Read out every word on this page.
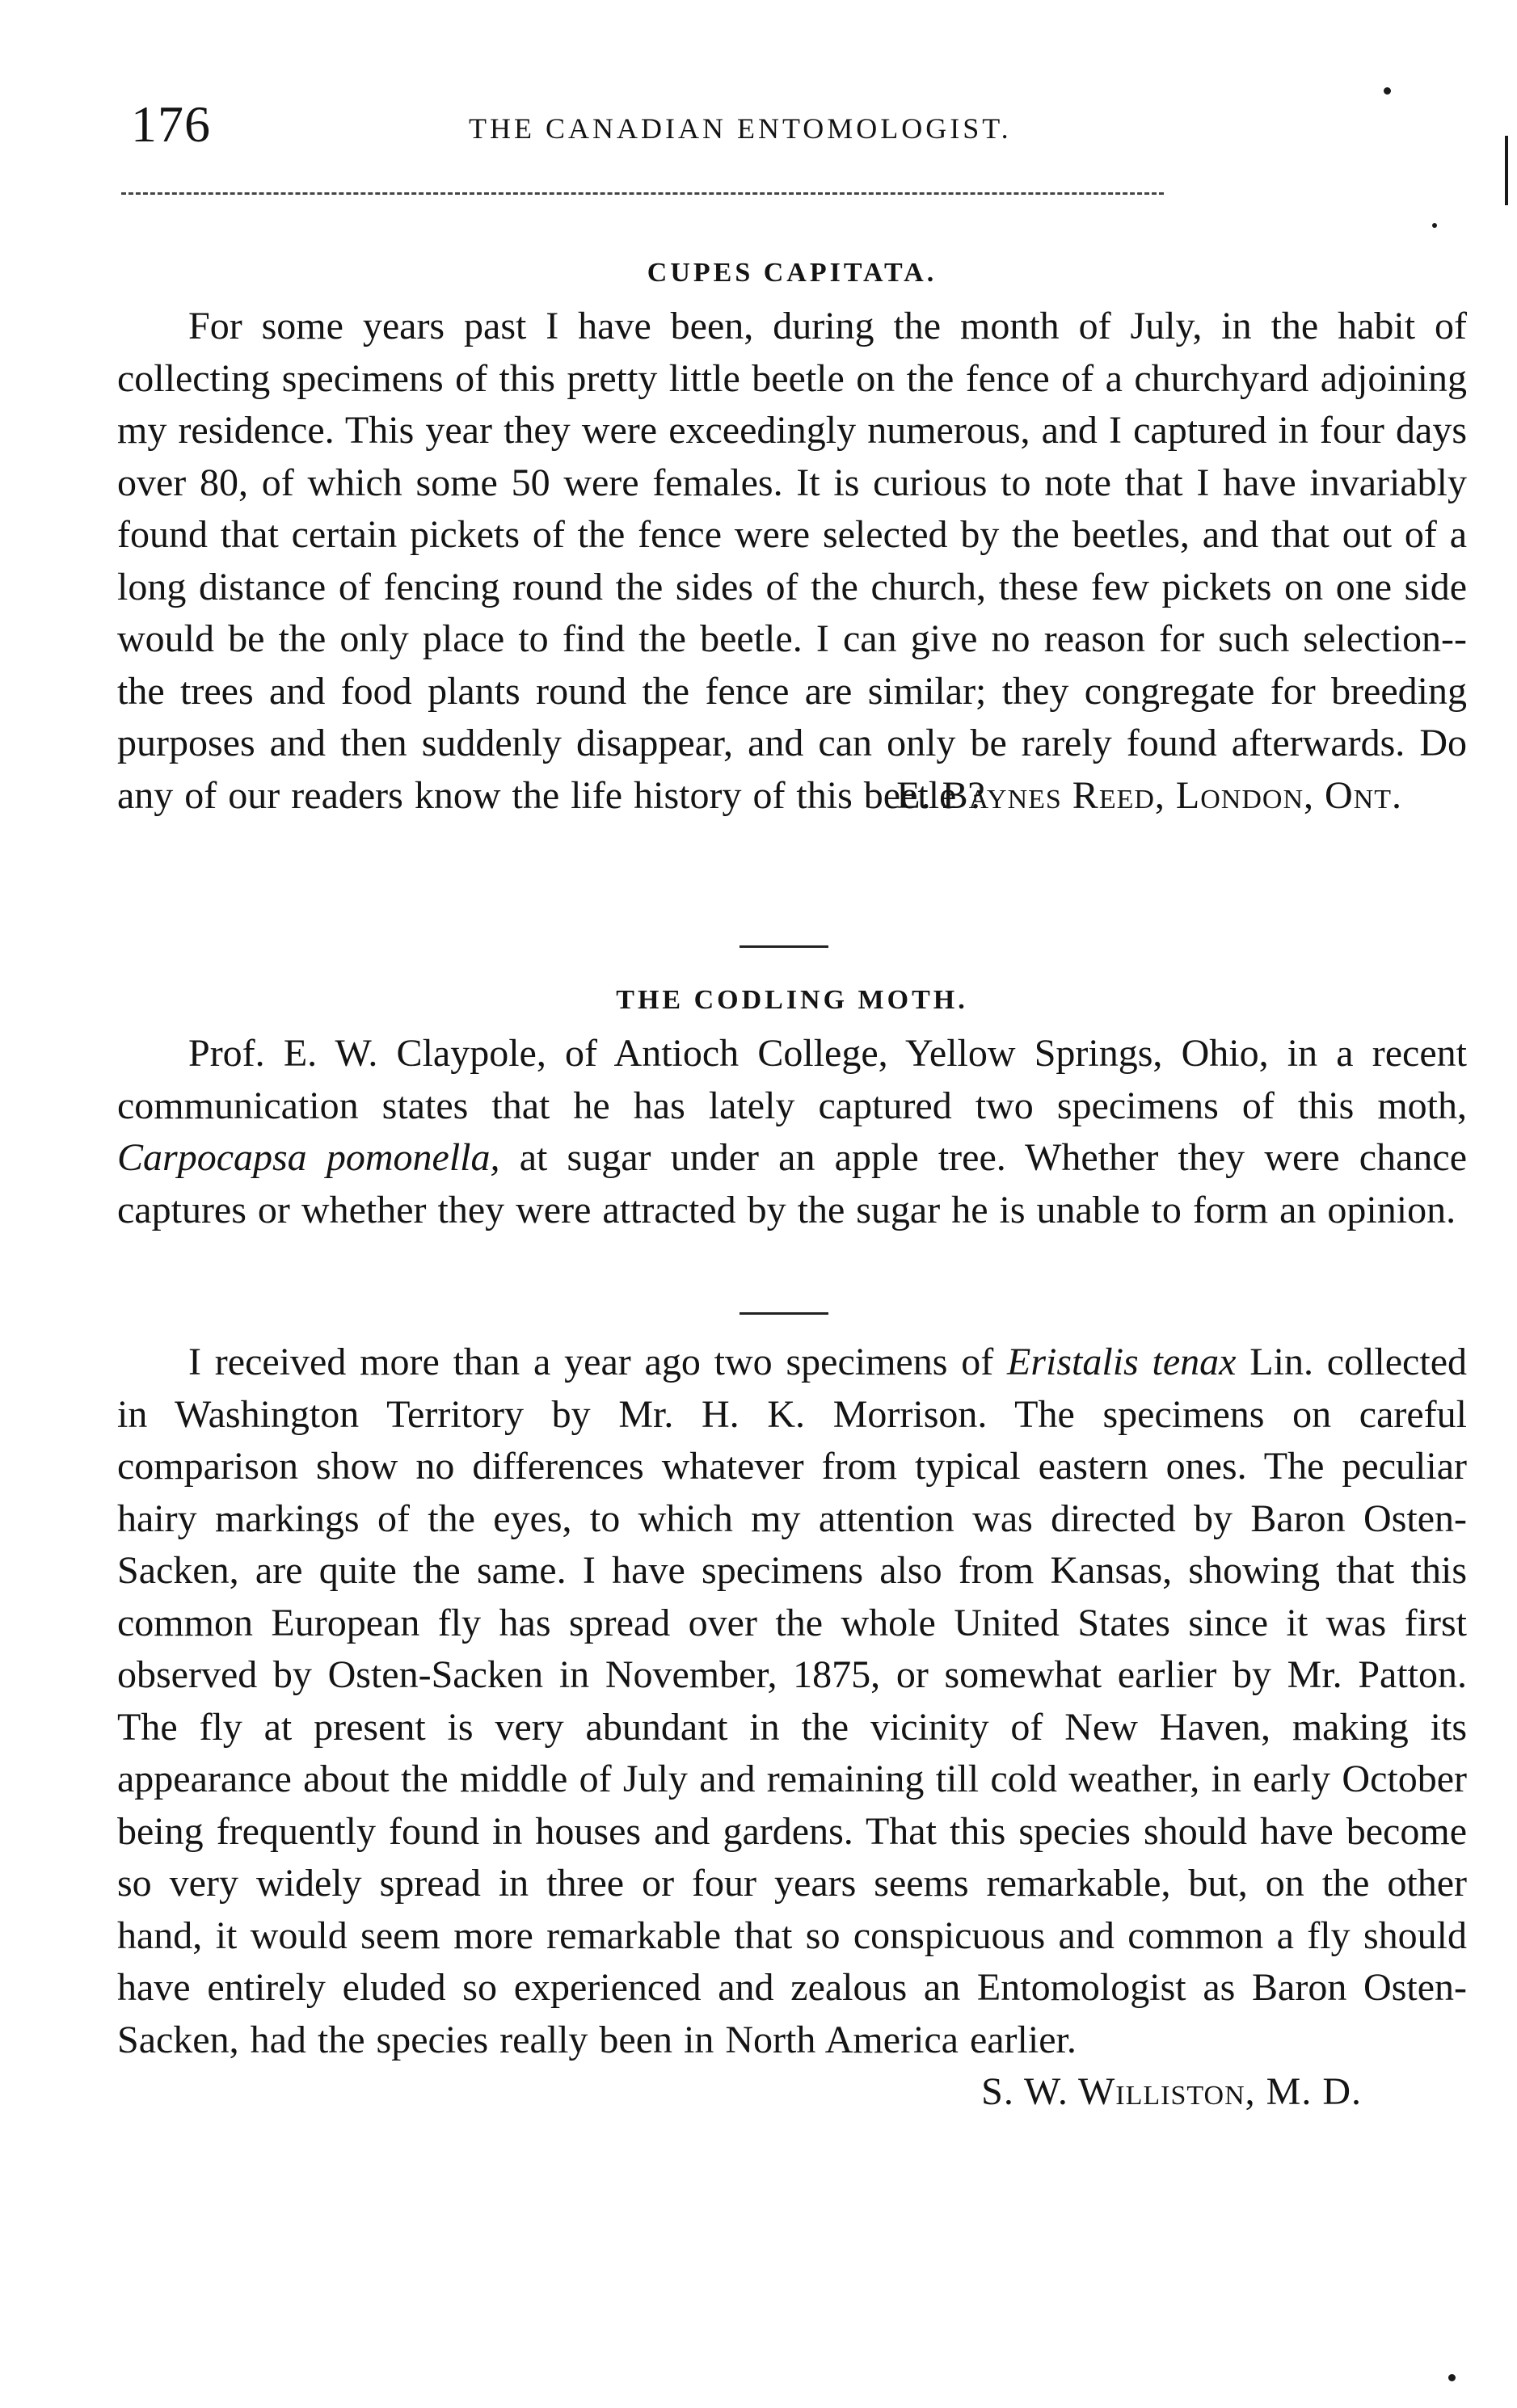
176	THE CANADIAN ENTOMOLOGIST.
CUPES CAPITATA.

For some years past I have been, during the month of July, in the habit of collecting specimens of this pretty little beetle on the fence of a churchyard adjoining my residence. This year they were exceedingly numerous, and I captured in four days over 80, of which some 50 were females. It is curious to note that I have invariably found that certain pickets of the fence were selected by the beetles, and that out of a long distance of fencing round the sides of the church, these few pickets on one side would be the only place to find the beetle. I can give no reason for such selection--the trees and food plants round the fence are similar; they congregate for breeding purposes and then suddenly disappear, and can only be rarely found afterwards. Do any of our readers know the life history of this beetle ?

E. Baynes Reed, London, Ont.

THE CODLING MOTH.

Prof. E. W. Claypole, of Antioch College, Yellow Springs, Ohio, in a recent communication states that he has lately captured two specimens of this moth, Carpocapsa pomonella, at sugar under an apple tree. Whether they were chance captures or whether they were attracted by the sugar he is unable to form an opinion.

I received more than a year ago two specimens of Eristalis tenax Lin. collected in Washington Territory by Mr. H. K. Morrison. The specimens on careful comparison show no differences whatever from typical eastern ones. The peculiar hairy markings of the eyes, to which my attention was directed by Baron Osten-Sacken, are quite the same. I have specimens also from Kansas, showing that this common European fly has spread over the whole United States since it was first observed by Osten-Sacken in November, 1875, or somewhat earlier by Mr. Patton. The fly at present is very abundant in the vicinity of New Haven, making its appearance about the middle of July and remaining till cold weather, in early October being frequently found in houses and gardens. That this species should have become so very widely spread in three or four years seems remarkable, but, on the other hand, it would seem more remarkable that so conspicuous and common a fly should have entirely eluded so experienced and zealous an Entomologist as Baron Osten-Sacken, had the species really been in North America earlier.

S. W. Williston, M. D.
